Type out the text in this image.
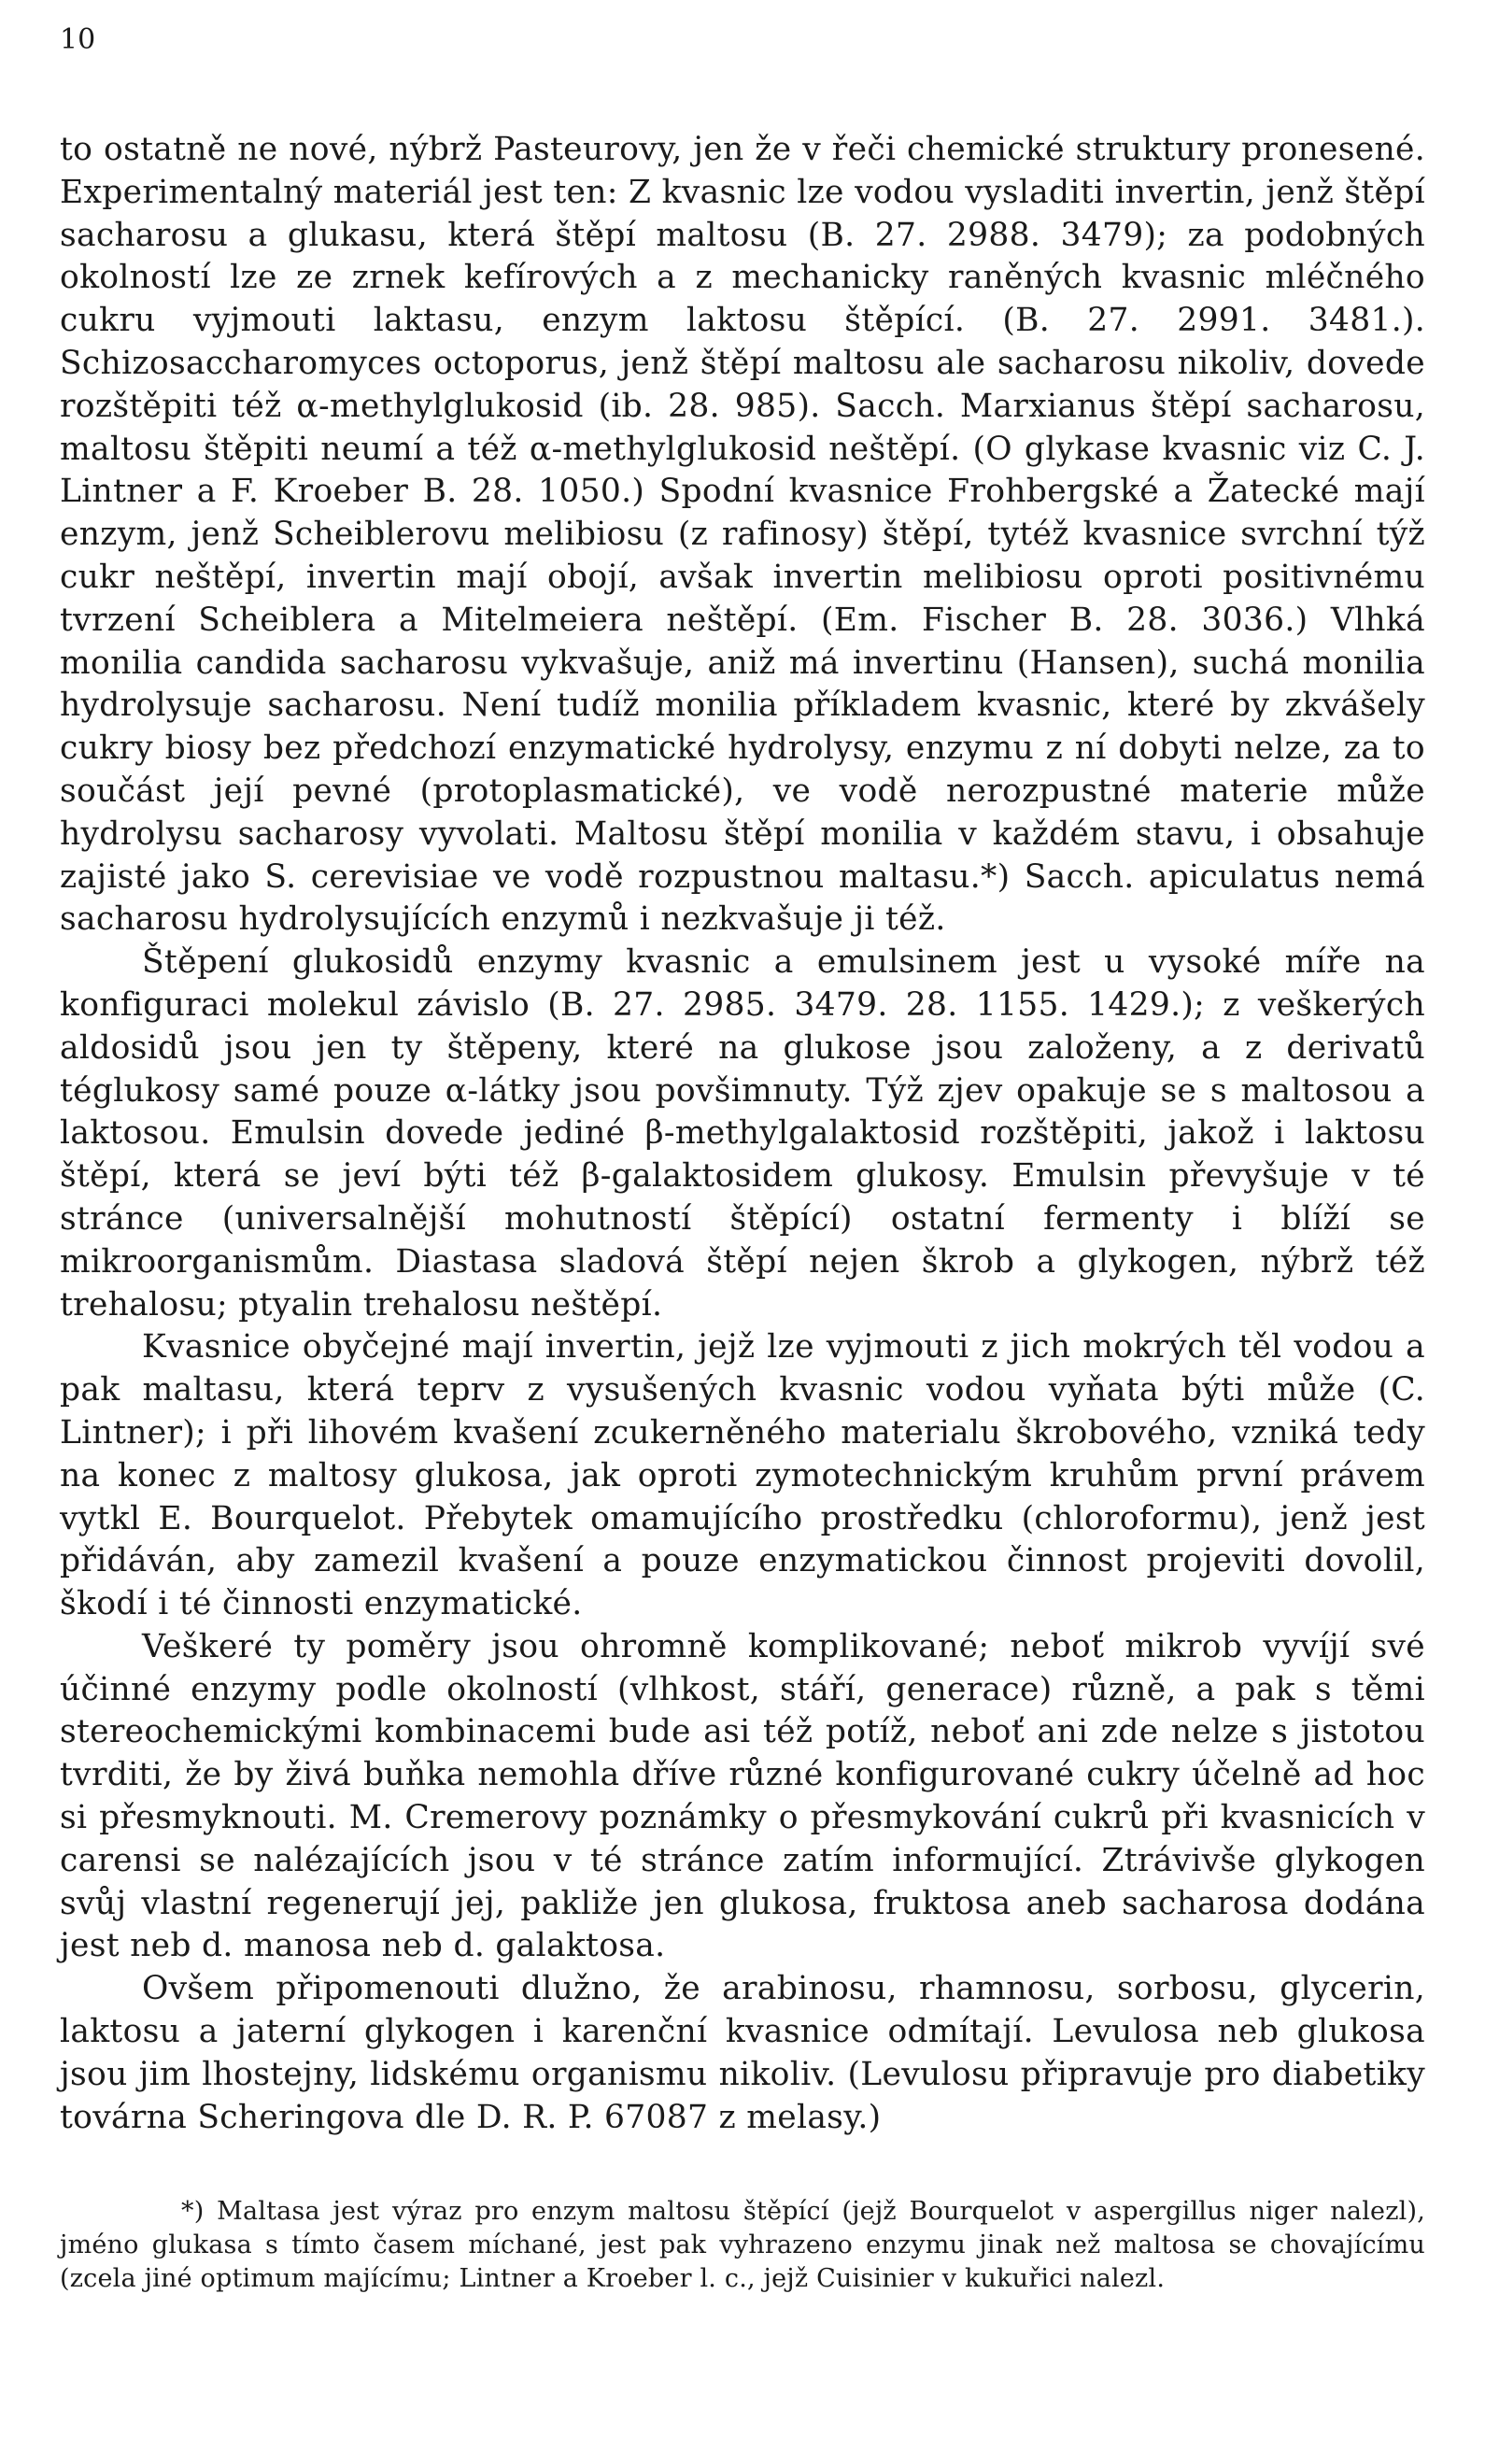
10

to ostatně ne nové, nýbrž Pasteurovy, jen že v řeči chemické struktury pronesené. Experimentalný materiál jest ten: Z kvasnic lze vodou vysladiti invertin, jenž štěpí sacharosu a glukasu, která štěpí maltosu (B. 27. 2988. 3479); za podobných okolností lze ze zrnek kefírových a z mechanicky raněných kvasnic mléčného cukru vyjmouti laktasu, enzym laktosu štěpící. (B. 27. 2991. 3481.). Schizosaccharomyces octoporus, jenž štěpí maltosu ale sacharosu nikoliv, dovede rozštěpiti též α-methylglukosid (ib. 28. 985). Sacch. Marxianus štěpí sacharosu, maltosu štěpiti neumí a též α-methylglukosid neštěpí. (O glykase kvasnic viz C. J. Lintner a F. Kroeber B. 28. 1050.) Spodní kvasnice Frohbergské a Žatecké mají enzym, jenž Scheiblerovu melibiosu (z rafinosy) štěpí, tytéž kvasnice svrchní týž cukr neštěpí, invertin mají obojí, avšak invertin melibiosu oproti positivnému tvrzení Scheiblera a Mitelmeiera neštěpí. (Em. Fischer B. 28. 3036.) Vlhká monilia candida sacharosu vykvašuje, aniž má invertinu (Hansen), suchá monilia hydrolysuje sacharosu. Není tudíž monilia příkladem kvasnic, které by zkvášely cukry biosy bez předchozí enzymatické hydrolysy, enzymu z ní dobyti nelze, za to součást její pevné (protoplasmatické), ve vodě nerozpustné materie může hydrolysu sacharosy vyvolati. Maltosu štěpí monilia v každém stavu, i obsahuje zajisté jako S. cerevisiae ve vodě rozpustnou maltasu.*) Sacch. apiculatus nemá sacharosu hydrolysujících enzymů i nezkvašuje ji též.

Štěpení glukosidů enzymy kvasnic a emulsinem jest u vysoké míře na konfiguraci molekul závislo (B. 27. 2985. 3479. 28. 1155. 1429.); z veškerých aldosidů jsou jen ty štěpeny, které na glukose jsou založeny, a z derivatů téglukosy samé pouze α-látky jsou povšimnuty. Týž zjev opakuje se s maltosou a laktosou. Emulsin dovede jediné β-methylgalaktosid rozštěpiti, jakož i laktosu štěpí, která se jeví býti též β-galaktosidem glukosy. Emulsin převyšuje v té stránce (universalnější mohutností štěpící) ostatní fermenty i blíží se mikroorganismům. Diastasa sladová štěpí nejen škrob a glykogen, nýbrž též trehalosu; ptyalin trehalosu neštěpí.

Kvasnice obyčejné mají invertin, jejž lze vyjmouti z jich mokrých těl vodou a pak maltasu, která teprv z vysušených kvasnic vodou vyňata býti může (C. Lintner); i při lihovém kvašení zcukerněného materialu škrobového, vzniká tedy na konec z maltosy glukosa, jak oproti zymotechnickým kruhům první právem vytkl E. Bourquelot. Přebytek omamujícího prostředku (chloroformu), jenž jest přidáván, aby zamezil kvašení a pouze enzymatickou činnost projeviti dovolil, škodí i té činnosti enzymatické.

Veškeré ty poměry jsou ohromně komplikované; neboť mikrob vyvíjí své účinné enzymy podle okolností (vlhkost, stáří, generace) různě, a pak s těmi stereochemickými kombinacemi bude asi též potíž, neboť ani zde nelze s jistotou tvrditi, že by živá buňka nemohla dříve různé konfigurované cukry účelně ad hoc si přesmyknouti. M. Cremerovy poznámky o přesmykování cukrů při kvasnicích v carensi se nalézajících jsou v té stránce zatím informující. Ztrávivše glykogen svůj vlastní regenerují jej, pakliže jen glukosa, fruktosa aneb sacharosa dodána jest neb d. manosa neb d. galaktosa.

Ovšem připomenouti dlužno, že arabinosu, rhamnosu, sorbosu, glycerin, laktosu a jaterní glykogen i karenční kvasnice odmítají. Levulosa neb glukosa jsou jim lhostejny, lidskému organismu nikoliv. (Levulosu připravuje pro diabetiky továrna Scheringova dle D. R. P. 67087 z melasy.)

*) Maltasa jest výraz pro enzym maltosu štěpící (jejž Bourquelot v aspergillus niger nalezl), jméno glukasa s tímto časem míchané, jest pak vyhrazeno enzymu jinak než maltosa se chovajícímu (zcela jiné optimum majícímu; Lintner a Kroeber l. c., jejž Cuisinier v kukuřici nalezl.
